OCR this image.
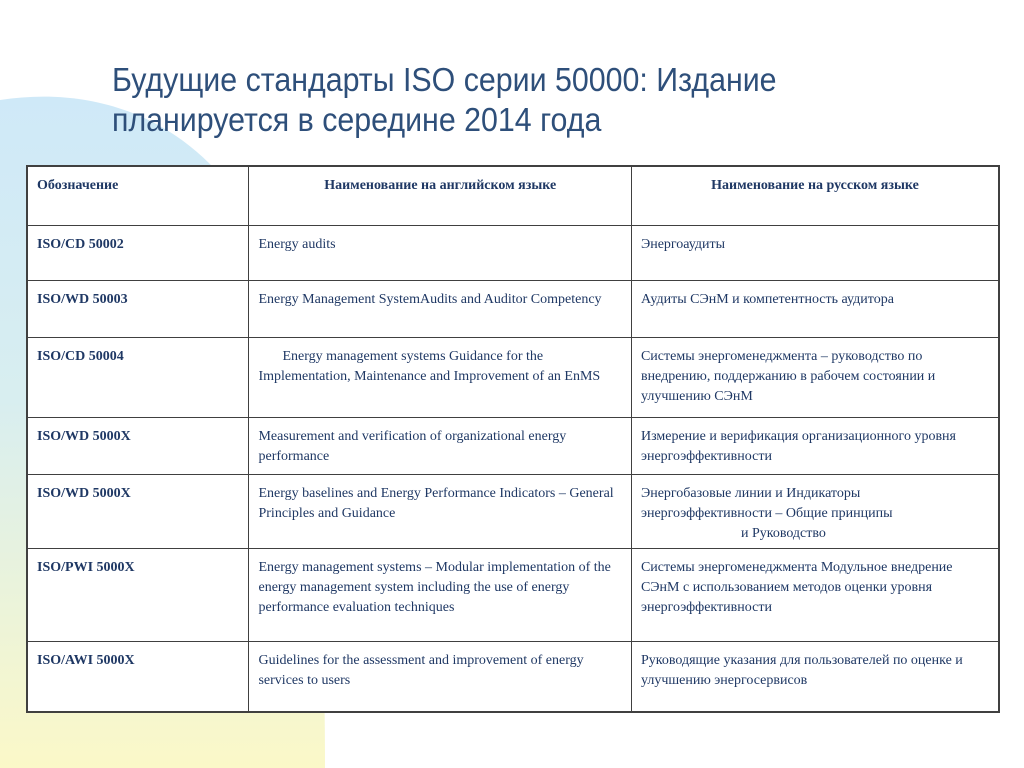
Будущие стандарты ISO серии 50000: Издание
планируется в середине 2014 года
Обозначение	Наименование на английском языке	Наименование на русском языке
ISO/CD 50002	Energy audits	Энергоаудиты
ISO/WD 50003	Energy Management SystemAudits and Auditor Competency	Аудиты СЭнМ и компетентность аудитора
ISO/CD 50004	Energy management systems Guidance for the Implementation, Maintenance and Improvement of an EnMS	Системы энергоменеджмента – руководство по внедрению, поддержанию в рабочем состоянии и улучшению СЭнМ
ISO/WD 5000X	Measurement and verification of organizational energy performance	Измерение и верификация организационного уровня энергоэффективности
ISO/WD 5000X	Energy baselines and Energy Performance Indicators – General Principles and Guidance	Энергобазовые линии и Индикаторы энергоэффективности – Общие принципы
и Руководство

ISO/PWI 5000X	Energy management systems – Modular implementation of the energy management system including the use of energy performance evaluation techniques	Системы энергоменеджмента Модульное внедрение СЭнМ с использованием методов оценки уровня энергоэффективности
ISO/AWI 5000X	Guidelines for the assessment and improvement of energy services to users	Руководящие указания для пользователей по оценке и улучшению энергосервисов
